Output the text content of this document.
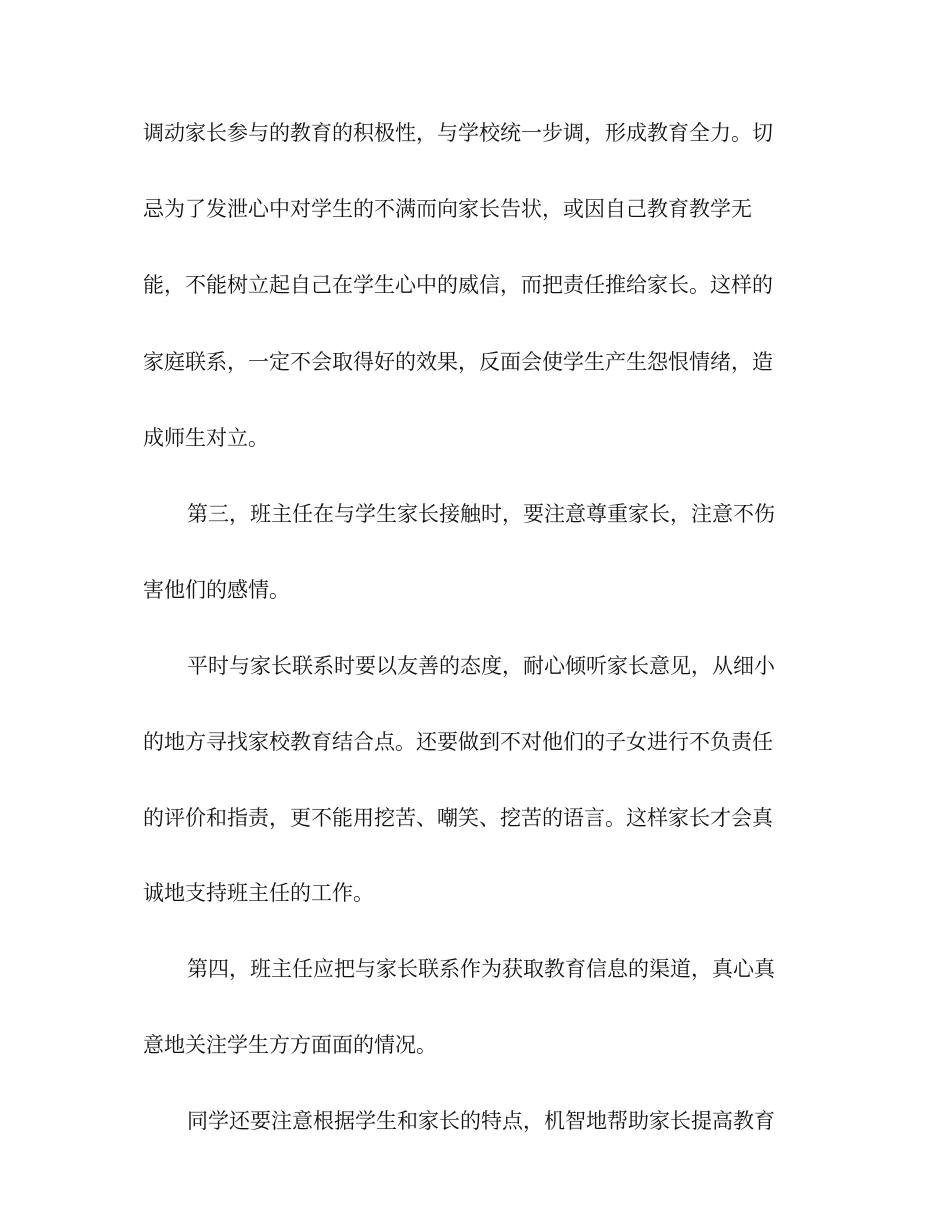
调动家长参与的教育的积极性，与学校统一步调，形成教育全力。切
忌为了发泄心中对学生的不满而向家长告状，或因自己教育教学无
能，不能树立起自己在学生心中的威信，而把责任推给家长。这样的
家庭联系，一定不会取得好的效果，反面会使学生产生怨恨情绪，造
成师生对立。
第三，班主任在与学生家长接触时，要注意尊重家长，注意不伤
害他们的感情。
平时与家长联系时要以友善的态度，耐心倾听家长意见，从细小
的地方寻找家校教育结合点。还要做到不对他们的子女进行不负责任
的评价和指责，更不能用挖苦、嘲笑、挖苦的语言。这样家长才会真
诚地支持班主任的工作。
第四，班主任应把与家长联系作为获取教育信息的渠道，真心真
意地关注学生方方面面的情况。
同学还要注意根据学生和家长的特点，机智地帮助家长提高教育
